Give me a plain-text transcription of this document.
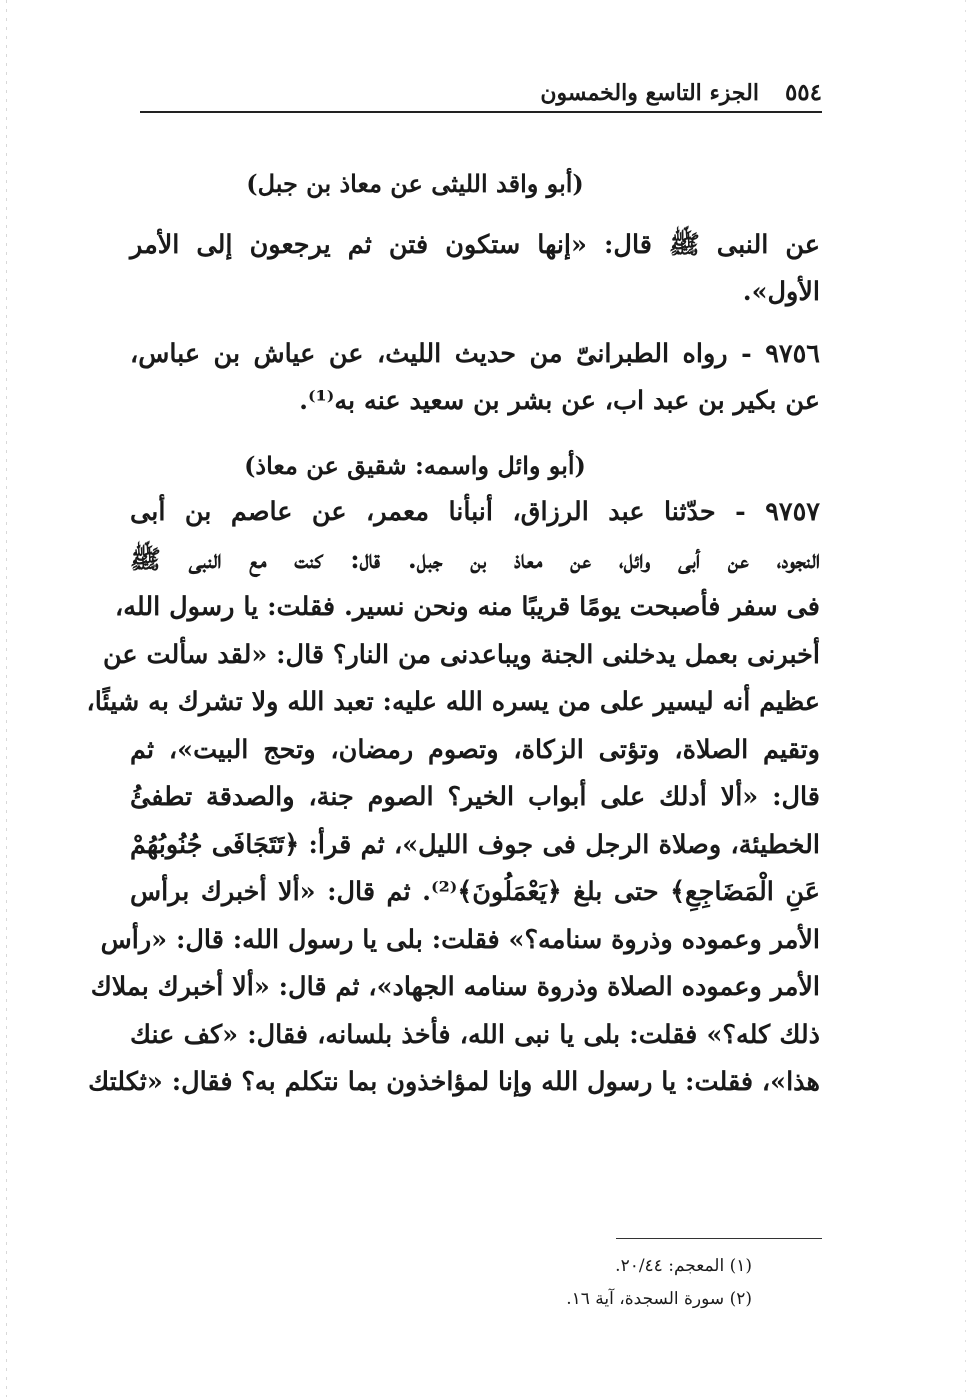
٥٥٤
الجزء التاسع والخمسون
(أبو واقد الليثى عن معاذ بن جبل)
عن النبى ﷺ قال: «إنها ستكون فتن ثم يرجعون إلى الأمر
الأول».
٩٧٥٦ - رواه الطبرانىّ من حديث الليث، عن عياش بن عباس،
عن بكير بن عبد اب، عن بشر بن سعيد عنه به⁽¹⁾.
(أبو وائل واسمه: شقيق عن معاذ)
٩٧٥٧ - حدّثنا عبد الرزاق، أنبأنا معمر، عن عاصم بن أبى
النجود، عن أبى وائل، عن معاذ بن جبل. قال: كنت مع النبى ﷺ
فى سفر فأصبحت يومًا قريبًا منه ونحن نسير. فقلت: يا رسول الله،
أخبرنى بعمل يدخلنى الجنة ويباعدنى من النار؟ قال: «لقد سألت عن
عظيم أنه ليسير على من يسره الله عليه: تعبد الله ولا تشرك به شيئًا،
وتقيم الصلاة، وتؤتى الزكاة، وتصوم رمضان، وتحج البيت»، ثم
قال: «ألا أدلك على أبواب الخير؟ الصوم جنة، والصدقة تطفئُ
الخطيئة، وصلاة الرجل فى جوف الليل»، ثم قرأ: ﴿تَتَجَافَى جُنُوبُهُمْ
عَنِ الْمَضَاجِعِ﴾ حتى بلغ ﴿يَعْمَلُونَ﴾⁽²⁾. ثم قال: «ألا أخبرك برأس
الأمر وعموده وذروة سنامه؟» فقلت: بلى يا رسول الله: قال: «رأس
الأمر وعموده الصلاة وذروة سنامه الجهاد»، ثم قال: «ألا أخبرك بملاك
ذلك كله؟» فقلت: بلى يا نبى الله، فأخذ بلسانه، فقال: «كف عنك
هذا»، فقلت: يا رسول الله وإنا لمؤاخذون بما نتكلم به؟ فقال: «ثكلتك
(١) المعجم: ٢٠/٤٤.
(٢) سورة السجدة، آية ١٦.
